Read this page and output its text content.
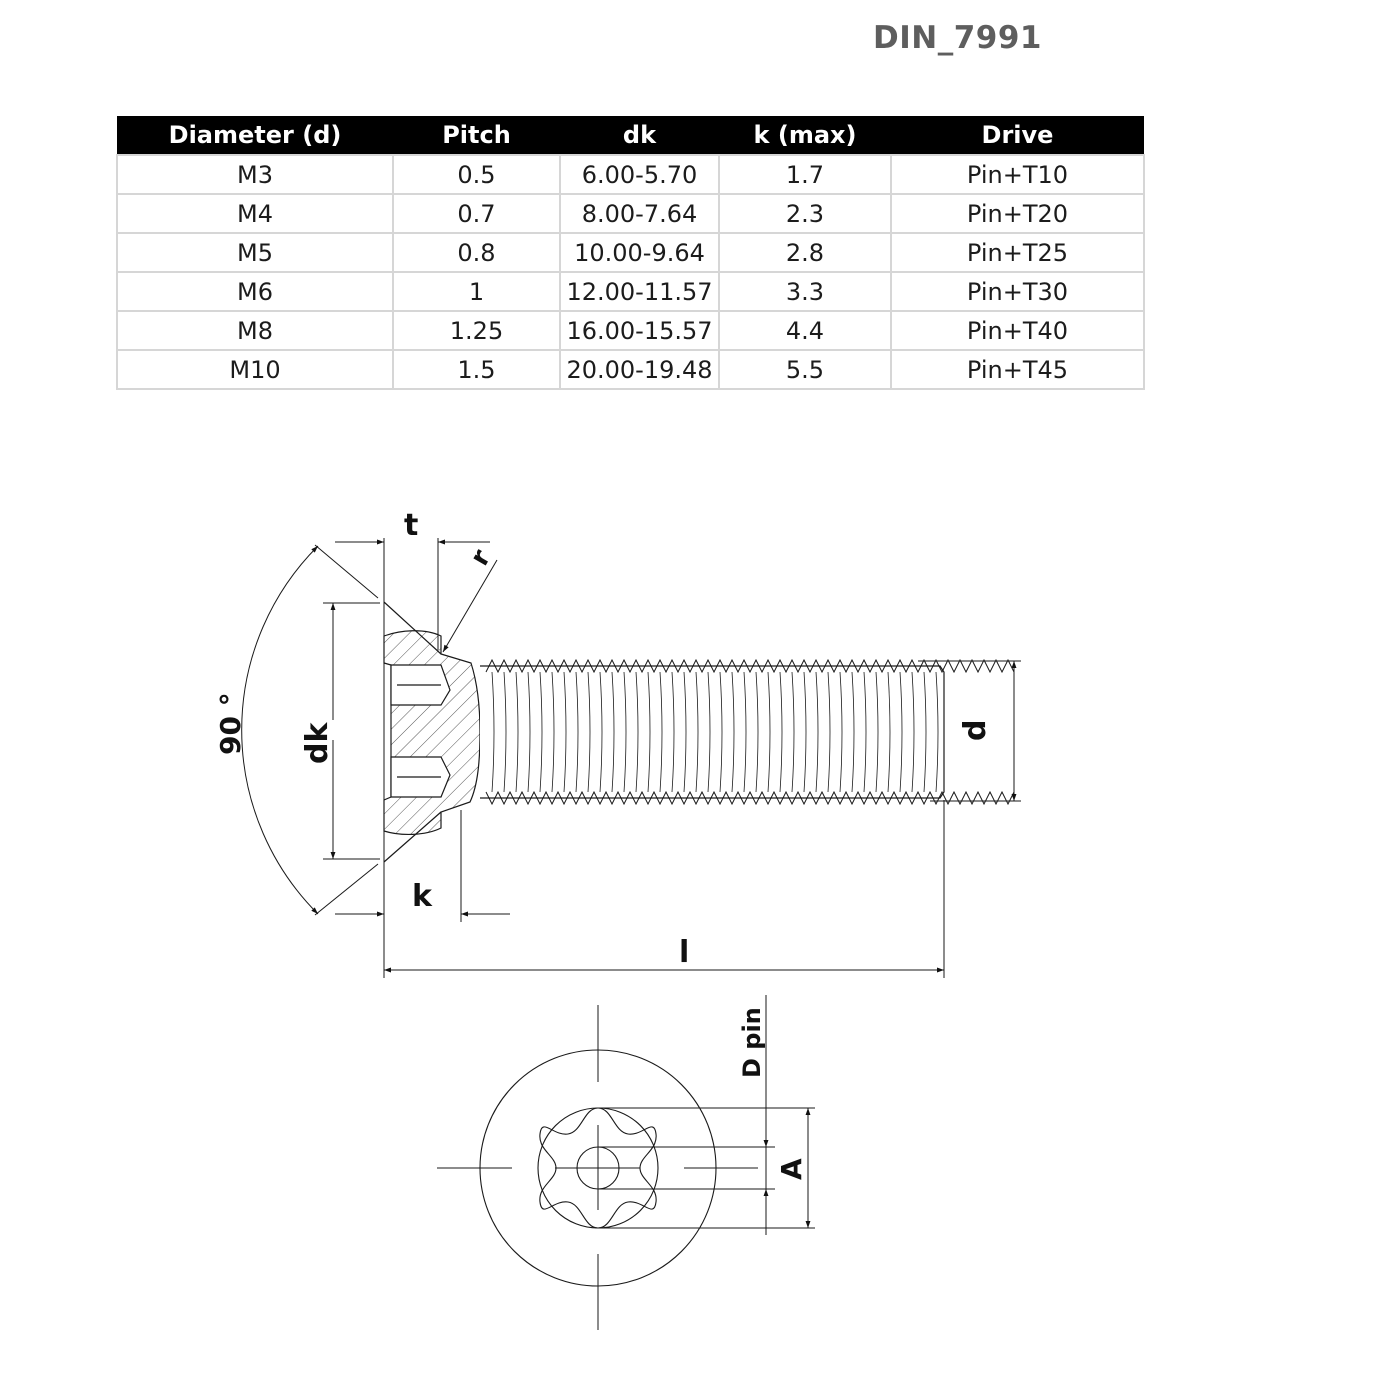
DIN_7991
Diameter (d)	Pitch	dk	k (max)	Drive
M3	0.5	6.00-5.70	1.7	Pin+T10
M4	0.7	8.00-7.64	2.3	Pin+T20
M5	0.8	10.00-9.64	2.8	Pin+T25
M6	1	12.00-11.57	3.3	Pin+T30
M8	1.25	16.00-15.57	4.4	Pin+T40
M10	1.5	20.00-19.48	5.5	Pin+T45
t
r
90 ° dk
k
l
d
D pin
A
